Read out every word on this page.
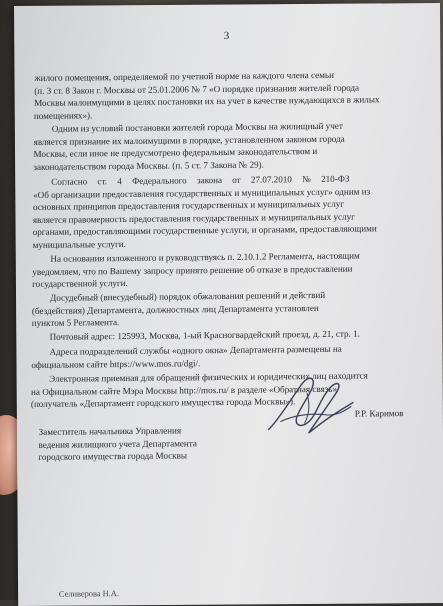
3
жилого помещения, определяемой по учетной норме на каждого члена семьи
(п. 3 ст. 8 Закон г. Москвы от 25.01.2006 № 7 «О порядке признания жителей города
Москвы малоимущими в целях постановки их на учет в качестве нуждающихся в жилых
помещениях»).
Одним из условий постановки жителей города Москвы на жилищный учет
является признание их малоимущими в порядке, установленном законом города
Москвы, если иное не предусмотрено федеральным законодательством и
законодательством города Москвы. (п. 5 ст. 7 Закона № 29).
Согласно ст. 4 Федерального закона от 27.07.2010 № 210-ФЗ
«Об организации предоставления государственных и муниципальных услуг» одним из
основных принципов предоставления государственных и муниципальных услуг
является правомерность предоставления государственных и муниципальных услуг
органами, предоставляющими государственные услуги, и органами, предоставляющими
муниципальные услуги.
На основании изложенного и руководствуясь п. 2.10.1.2 Регламента, настоящим
уведомляем, что по Вашему запросу принято решение об отказе в предоставлении
государственной услуги.
Досудебный (внесудебный) порядок обжалования решений и действий
(бездействия) Департамента, должностных лиц Департамента установлен
пунктом 5 Регламента.
Почтовый адрес: 125993, Москва, 1-ый Красногвардейский проезд, д. 21, стр. 1.
Адреса подразделений службы «одного окна» Департамента размещены на
официальном сайте https://www.mos.ru/dgi/.
Электронная приемная для обращений физических и юридических лиц находится
на Официальном сайте Мэра Москвы http://mos.ru/ в разделе «Обратная связь»
(получатель «Департамент городского имущества города Москвы»).
Заместитель начальника Управления
ведения жилищного учета Департамента
городского имущества города Москвы
Р.Р. Каримов
Селиверова Н.А.
